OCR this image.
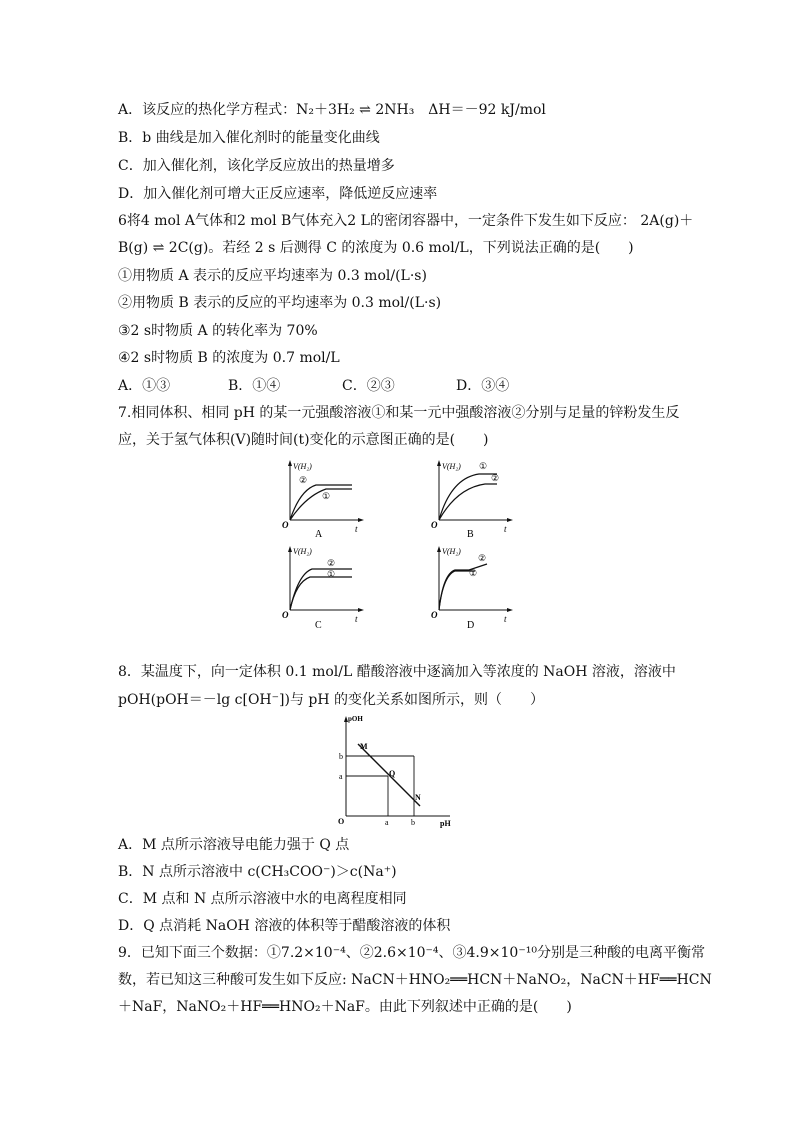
A．该反应的热化学方程式：N₂＋3H₂ ⇌ 2NH₃　ΔH＝－92 kJ/mol
B．b 曲线是加入催化剂时的能量变化曲线
C．加入催化剂，该化学反应放出的热量增多
D．加入催化剂可增大正反应速率，降低逆反应速率
6将4 mol A气体和2 mol B气体充入2 L的密闭容器中，一定条件下发生如下反应： 2A(g)＋
B(g) ⇌ 2C(g)。若经 2 s 后测得 C 的浓度为 0.6 mol/L，下列说法正确的是(　　)
①用物质 A 表示的反应平均速率为 0.3 mol/(L·s)
②用物质 B 表示的反应的平均速率为 0.3 mol/(L·s)
③2 s时物质 A 的转化率为 70%
④2 s时物质 B 的浓度为 0.7 mol/L
A．①③	B．①④	C．②③	D．③④
7.相同体积、相同 pH 的某一元强酸溶液①和某一元中强酸溶液②分别与足量的锌粉发生反
应，关于氢气体积(V)随时间(t)变化的示意图正确的是(　　)
V(H₂)
O	t
②
①
A
V(H₂)
O	t
①
②
B
V(H₂)
O	t
②
①
C
V(H₂)
O	t
②
①
D
8．某温度下，向一定体积 0.1 mol/L 醋酸溶液中逐滴加入等浓度的 NaOH 溶液，溶液中
pOH(pOH＝－lg c[OH⁻])与 pH 的变化关系如图所示，则（　　）
pOH
O	pH
b
a
a	b
M
Q
N
A．M 点所示溶液导电能力强于 Q 点
B．N 点所示溶液中 c(CH₃COO⁻)＞c(Na⁺)
C．M 点和 N 点所示溶液中水的电离程度相同
D．Q 点消耗 NaOH 溶液的体积等于醋酸溶液的体积
9．已知下面三个数据：①7.2×10⁻⁴、②2.6×10⁻⁴、③4.9×10⁻¹⁰分别是三种酸的电离平衡常
数，若已知这三种酸可发生如下反应: NaCN＋HNO₂══HCN＋NaNO₂，NaCN＋HF══HCN
＋NaF，NaNO₂＋HF══HNO₂＋NaF。由此下列叙述中正确的是(　　)
